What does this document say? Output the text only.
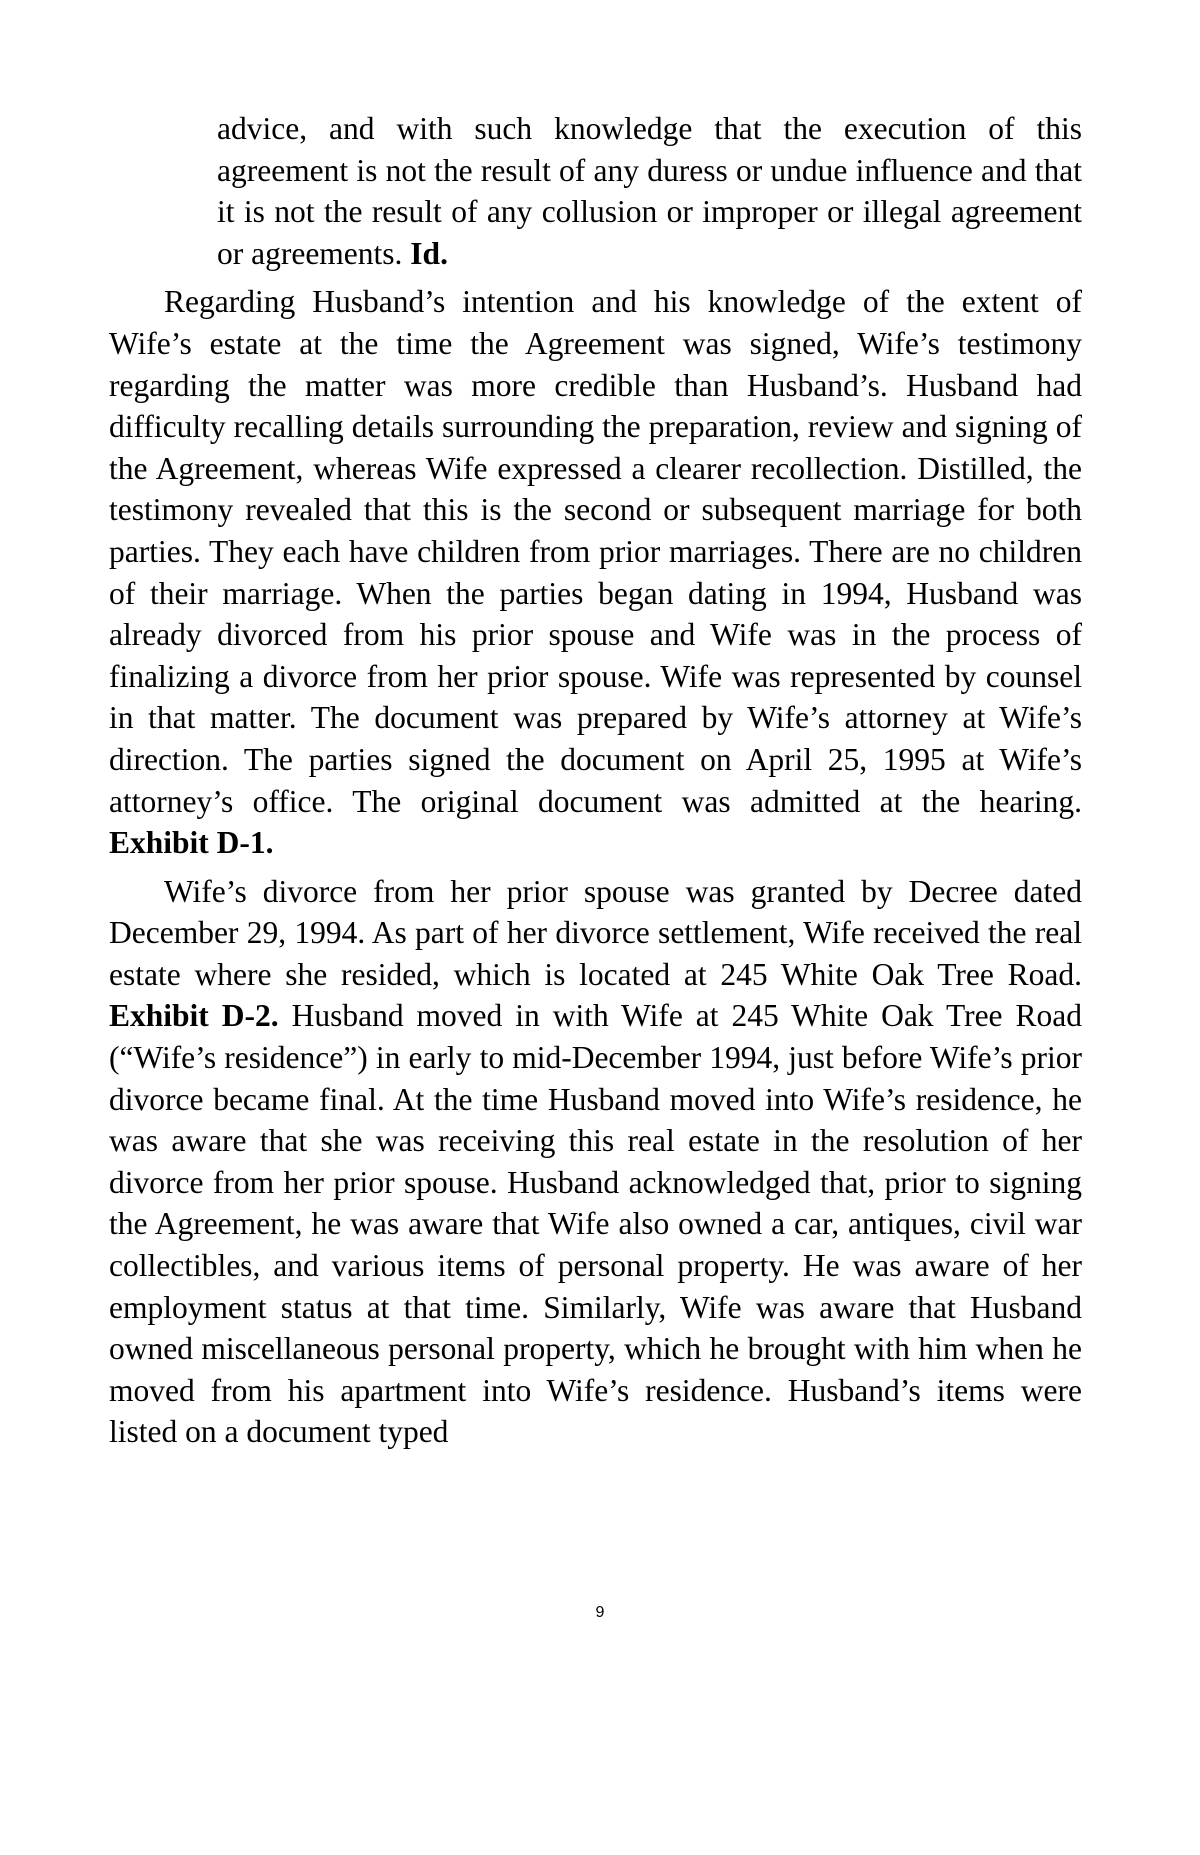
advice, and with such knowledge that the execution of this agreement is not the result of any duress or undue influence and that it is not the result of any collusion or improper or illegal agreement or agreements. Id.

Regarding Husband’s intention and his knowledge of the extent of Wife’s estate at the time the Agreement was signed, Wife’s testimony regarding the matter was more credible than Husband’s. Husband had difficulty recalling details surrounding the preparation, review and signing of the Agreement, whereas Wife expressed a clearer recollection. Distilled, the testimony revealed that this is the second or subsequent marriage for both parties. They each have children from prior marriages. There are no children of their marriage. When the parties began dating in 1994, Husband was already divorced from his prior spouse and Wife was in the process of finalizing a divorce from her prior spouse. Wife was represented by counsel in that matter. The document was prepared by Wife’s attorney at Wife’s direction. The parties signed the document on April 25, 1995 at Wife’s attorney’s office. The original document was admitted at the hearing. Exhibit D-1.

Wife’s divorce from her prior spouse was granted by Decree dated December 29, 1994. As part of her divorce settlement, Wife received the real estate where she resided, which is located at 245 White Oak Tree Road. Exhibit D-2. Husband moved in with Wife at 245 White Oak Tree Road (“Wife’s residence”) in early to mid-December 1994, just before Wife’s prior divorce became final. At the time Husband moved into Wife’s residence, he was aware that she was receiving this real estate in the resolution of her divorce from her prior spouse. Husband acknowledged that, prior to signing the Agreement, he was aware that Wife also owned a car, antiques, civil war collectibles, and various items of personal property. He was aware of her employment status at that time. Similarly, Wife was aware that Husband owned miscellaneous personal property, which he brought with him when he moved from his apartment into Wife’s residence. Husband’s items were listed on a document typed

9
